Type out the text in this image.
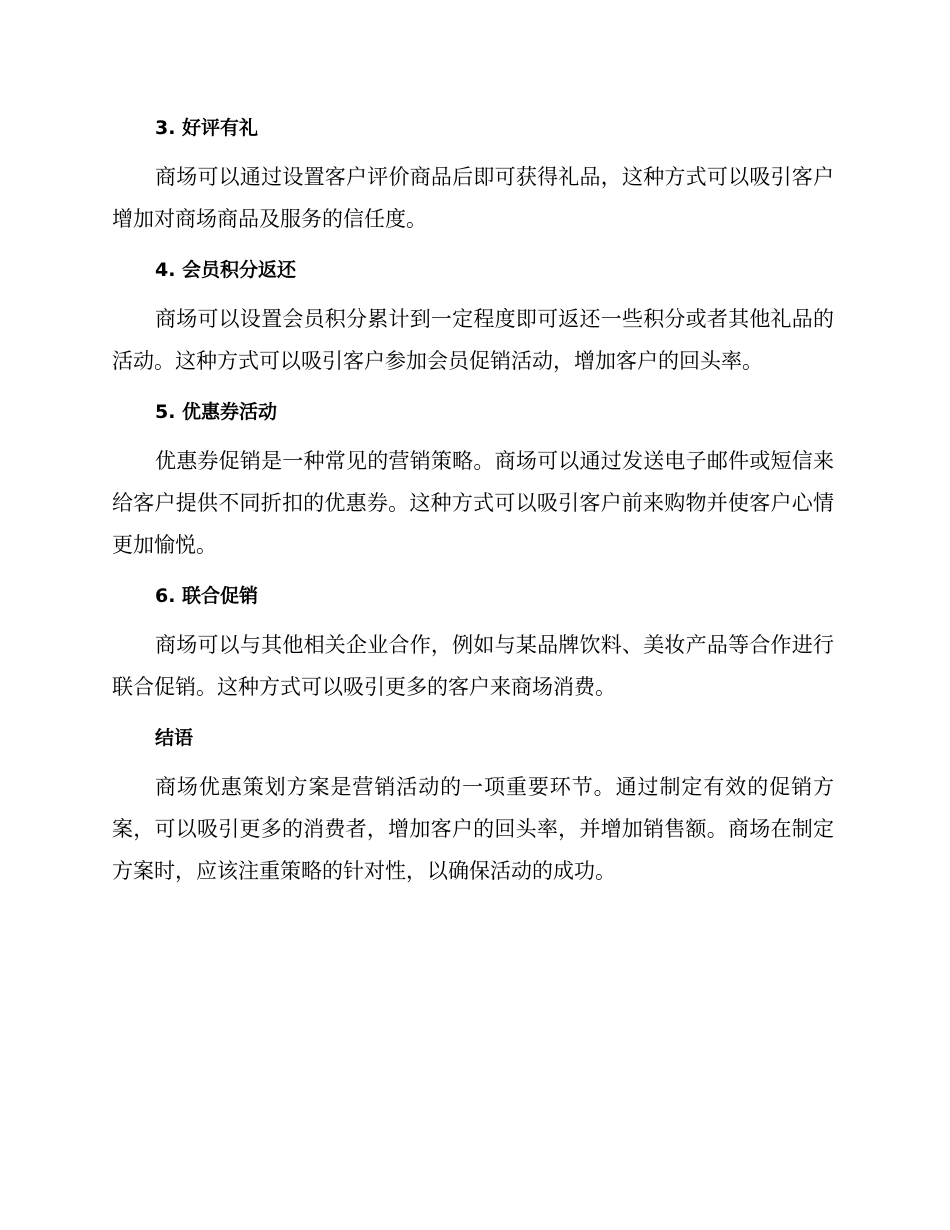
3. 好评有礼

商场可以通过设置客户评价商品后即可获得礼品，这种方式可以吸引客户增加对商场商品及服务的信任度。

4. 会员积分返还

商场可以设置会员积分累计到一定程度即可返还一些积分或者其他礼品的活动。这种方式可以吸引客户参加会员促销活动，增加客户的回头率。

5. 优惠券活动

优惠券促销是一种常见的营销策略。商场可以通过发送电子邮件或短信来给客户提供不同折扣的优惠券。这种方式可以吸引客户前来购物并使客户心情更加愉悦。

6. 联合促销

商场可以与其他相关企业合作，例如与某品牌饮料、美妆产品等合作进行联合促销。这种方式可以吸引更多的客户来商场消费。

结语

商场优惠策划方案是营销活动的一项重要环节。通过制定有效的促销方案，可以吸引更多的消费者，增加客户的回头率，并增加销售额。商场在制定方案时，应该注重策略的针对性，以确保活动的成功。
